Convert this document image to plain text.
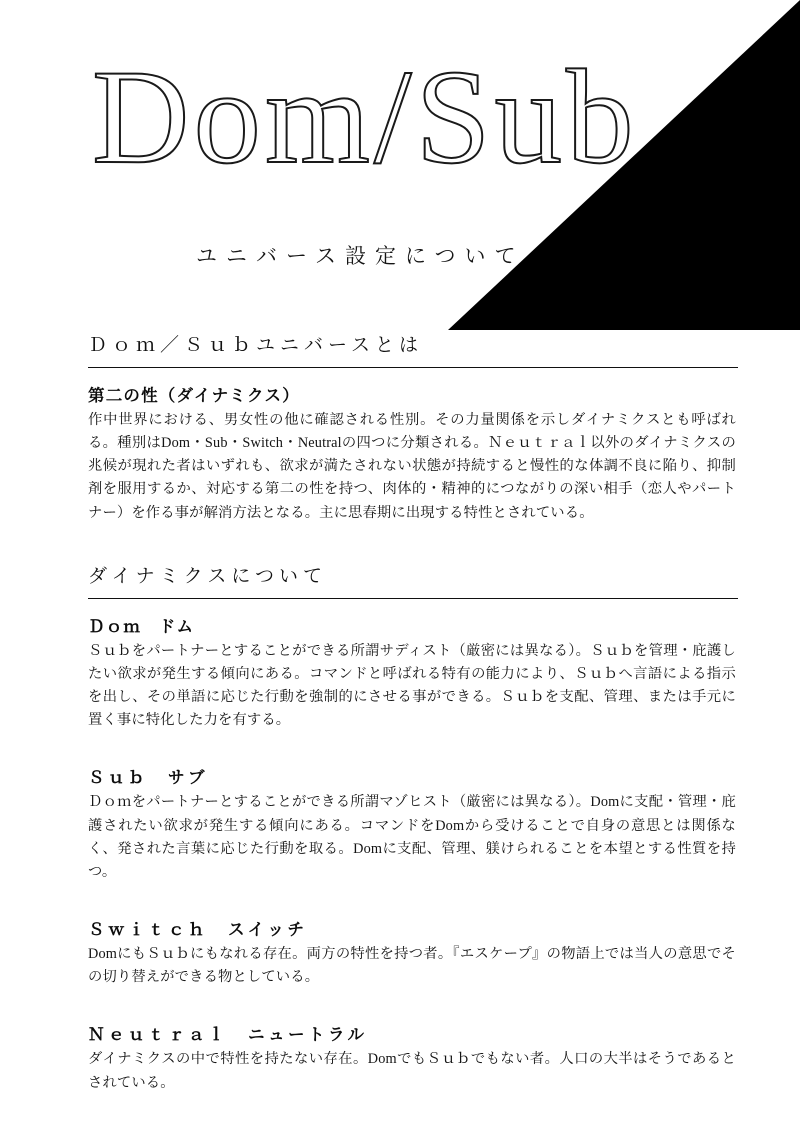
Dom/Sub
ユニバース設定について
Ｄｏｍ／Ｓｕｂユニバースとは
第二の性（ダイナミクス）
作中世界における、男女性の他に確認される性別。その力量関係を示しダイナミクスとも呼ばれる。種別はDom・Sub・Switch・Neutralの四つに分類される。Ｎｅｕｔｒａｌ以外のダイナミクスの兆候が現れた者はいずれも、欲求が満たされない状態が持続すると慢性的な体調不良に陥り、抑制剤を服用するか、対応する第二の性を持つ、肉体的・精神的につながりの深い相手（恋人やパートナー）を作る事が解消方法となる。主に思春期に出現する特性とされている。
ダイナミクスについて
Ｄｏｍ　ドム
Ｓｕｂをパートナーとすることができる所謂サディスト（厳密には異なる）。Ｓｕｂを管理・庇護したい欲求が発生する傾向にある。コマンドと呼ばれる特有の能力により、Ｓｕｂへ言語による指示を出し、その単語に応じた行動を強制的にさせる事ができる。Ｓｕｂを支配、管理、または手元に置く事に特化した力を有する。
Ｓｕｂ　サブ
Ｄｏｍをパートナーとすることができる所謂マゾヒスト（厳密には異なる）。Domに支配・管理・庇護されたい欲求が発生する傾向にある。コマンドをDomから受けることで自身の意思とは関係なく、発された言葉に応じた行動を取る。Domに支配、管理、躾けられることを本望とする性質を持つ。
Ｓｗｉｔｃｈ　スイッチ
DomにもＳｕｂにもなれる存在。両方の特性を持つ者。『エスケープ』の物語上では当人の意思でその切り替えができる物としている。
Ｎｅｕｔｒａｌ　ニュートラル
ダイナミクスの中で特性を持たない存在。DomでもＳｕｂでもない者。人口の大半はそうであるとされている。
